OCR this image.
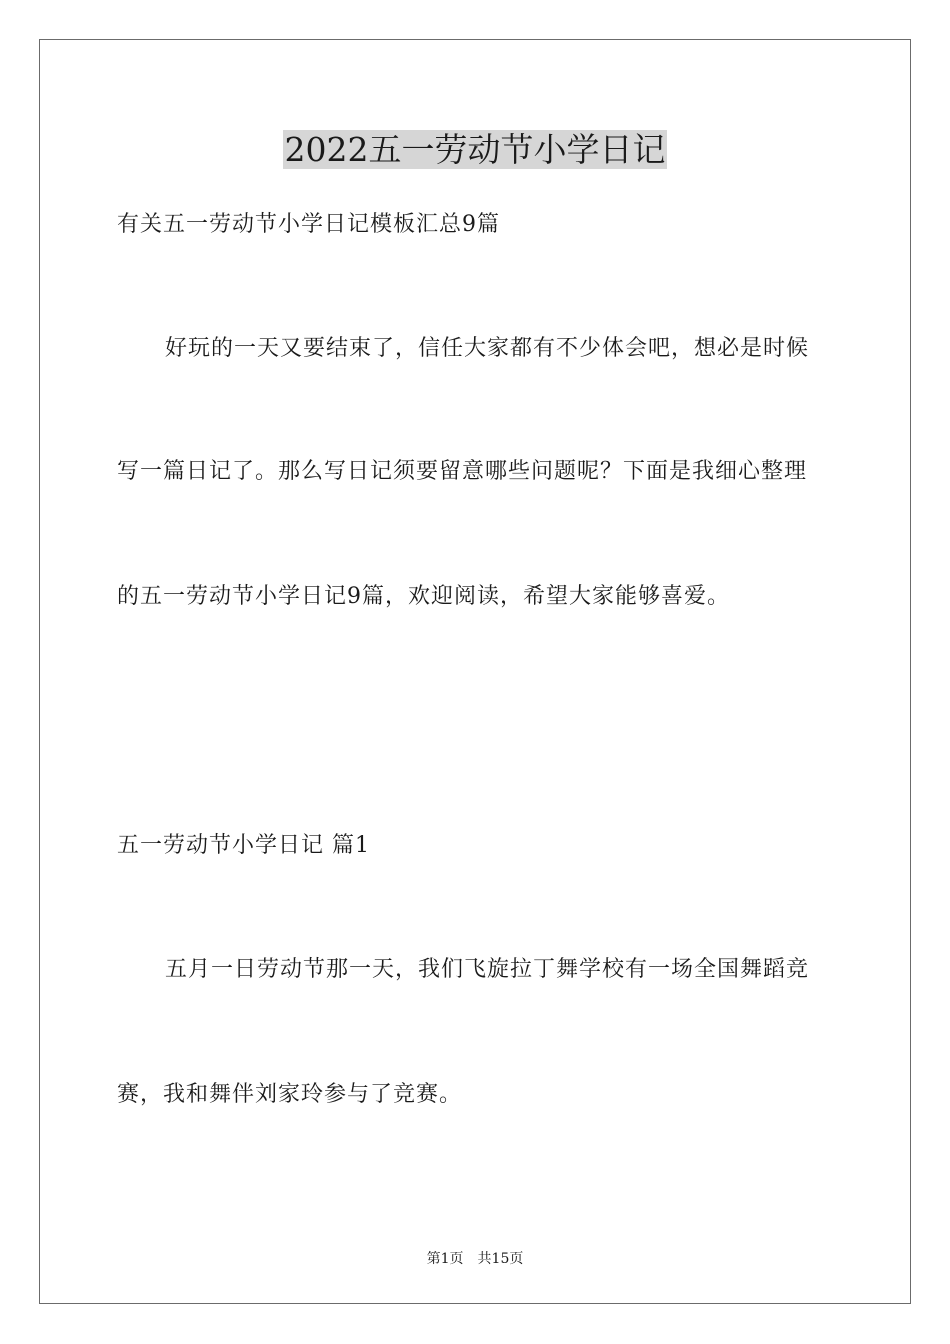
2022五一劳动节小学日记

有关五一劳动节小学日记模板汇总9篇

好玩的一天又要结束了，信任大家都有不少体会吧，想必是时候

写一篇日记了。那么写日记须要留意哪些问题呢？下面是我细心整理

的五一劳动节小学日记9篇，欢迎阅读，希望大家能够喜爱。

五一劳动节小学日记 篇1

五月一日劳动节那一天，我们飞旋拉丁舞学校有一场全国舞蹈竞

赛，我和舞伴刘家玲参与了竞赛。

第1页 共15页
